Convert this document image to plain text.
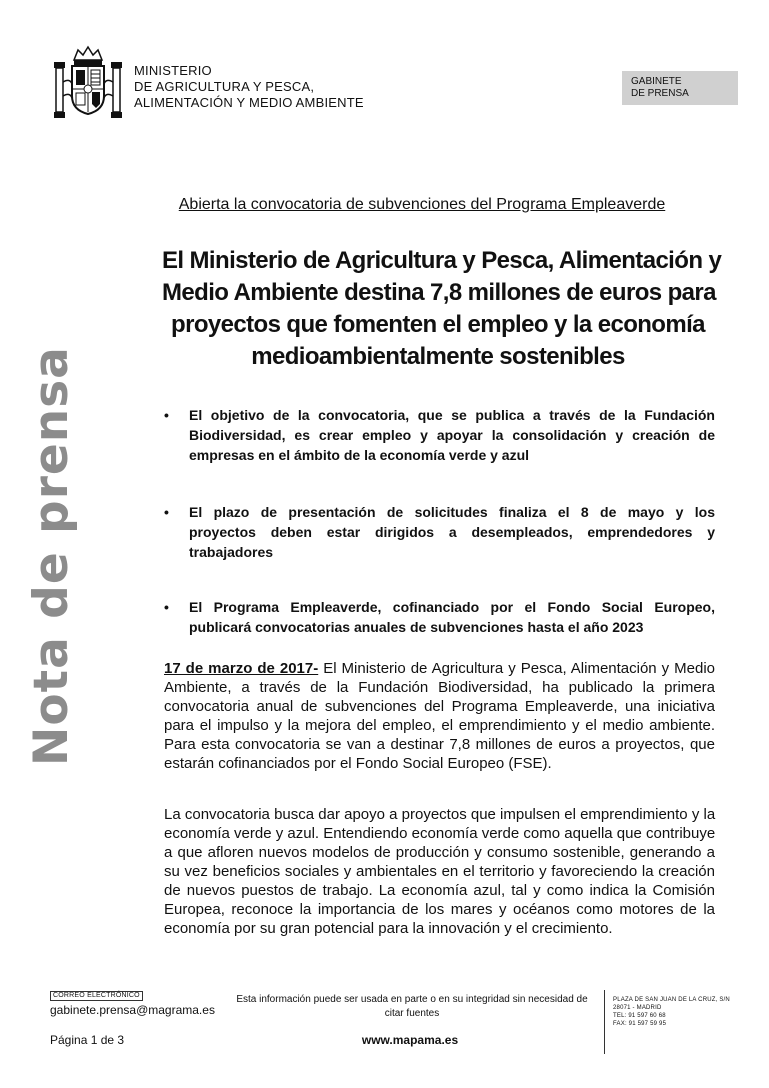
MINISTERIO
DE AGRICULTURA Y PESCA,
ALIMENTACIÓN Y MEDIO AMBIENTE
GABINETE
DE PRENSA
Nota de prensa
Abierta la convocatoria de subvenciones del Programa Empleaverde
El Ministerio de Agricultura y Pesca, Alimentación y
Medio Ambiente destina 7,8 millones de euros para
proyectos que fomenten el empleo y la economía
medioambientalmente sostenibles
• El objetivo de la convocatoria, que se publica a través de la Fundación
Biodiversidad, es crear empleo y apoyar la consolidación y creación de
empresas en el ámbito de la economía verde y azul
• El plazo de presentación de solicitudes finaliza el 8 de mayo y los
proyectos deben estar dirigidos a desempleados, emprendedores y
trabajadores
• El Programa Empleaverde, cofinanciado por el Fondo Social Europeo,
publicará convocatorias anuales de subvenciones hasta el año 2023
17 de marzo de 2017- El Ministerio de Agricultura y Pesca, Alimentación y Medio
Ambiente, a través de la Fundación Biodiversidad, ha publicado la primera
convocatoria anual de subvenciones del Programa Empleaverde, una iniciativa
para el impulso y la mejora del empleo, el emprendimiento y el medio ambiente.
Para esta convocatoria se van a destinar 7,8 millones de euros a proyectos, que
estarán cofinanciados por el Fondo Social Europeo (FSE).
La convocatoria busca dar apoyo a proyectos que impulsen el emprendimiento y la
economía verde y azul. Entendiendo economía verde como aquella que contribuye
a que afloren nuevos modelos de producción y consumo sostenible, generando a
su vez beneficios sociales y ambientales en el territorio y favoreciendo la creación
de nuevos puestos de trabajo. La economía azul, tal y como indica la Comisión
Europea, reconoce la importancia de los mares y océanos como motores de la
economía por su gran potencial para la innovación y el crecimiento.
CORREO ELECTRÓNICO
gabinete.prensa@magrama.es
Esta información puede ser usada en parte o en su integridad sin necesidad de citar fuentes
PLAZA DE SAN JUAN DE LA CRUZ, S/N
28071 - MADRID
TEL: 91 597 60 68
FAX: 91 597 59 95
Página 1 de 3	www.mapama.es
